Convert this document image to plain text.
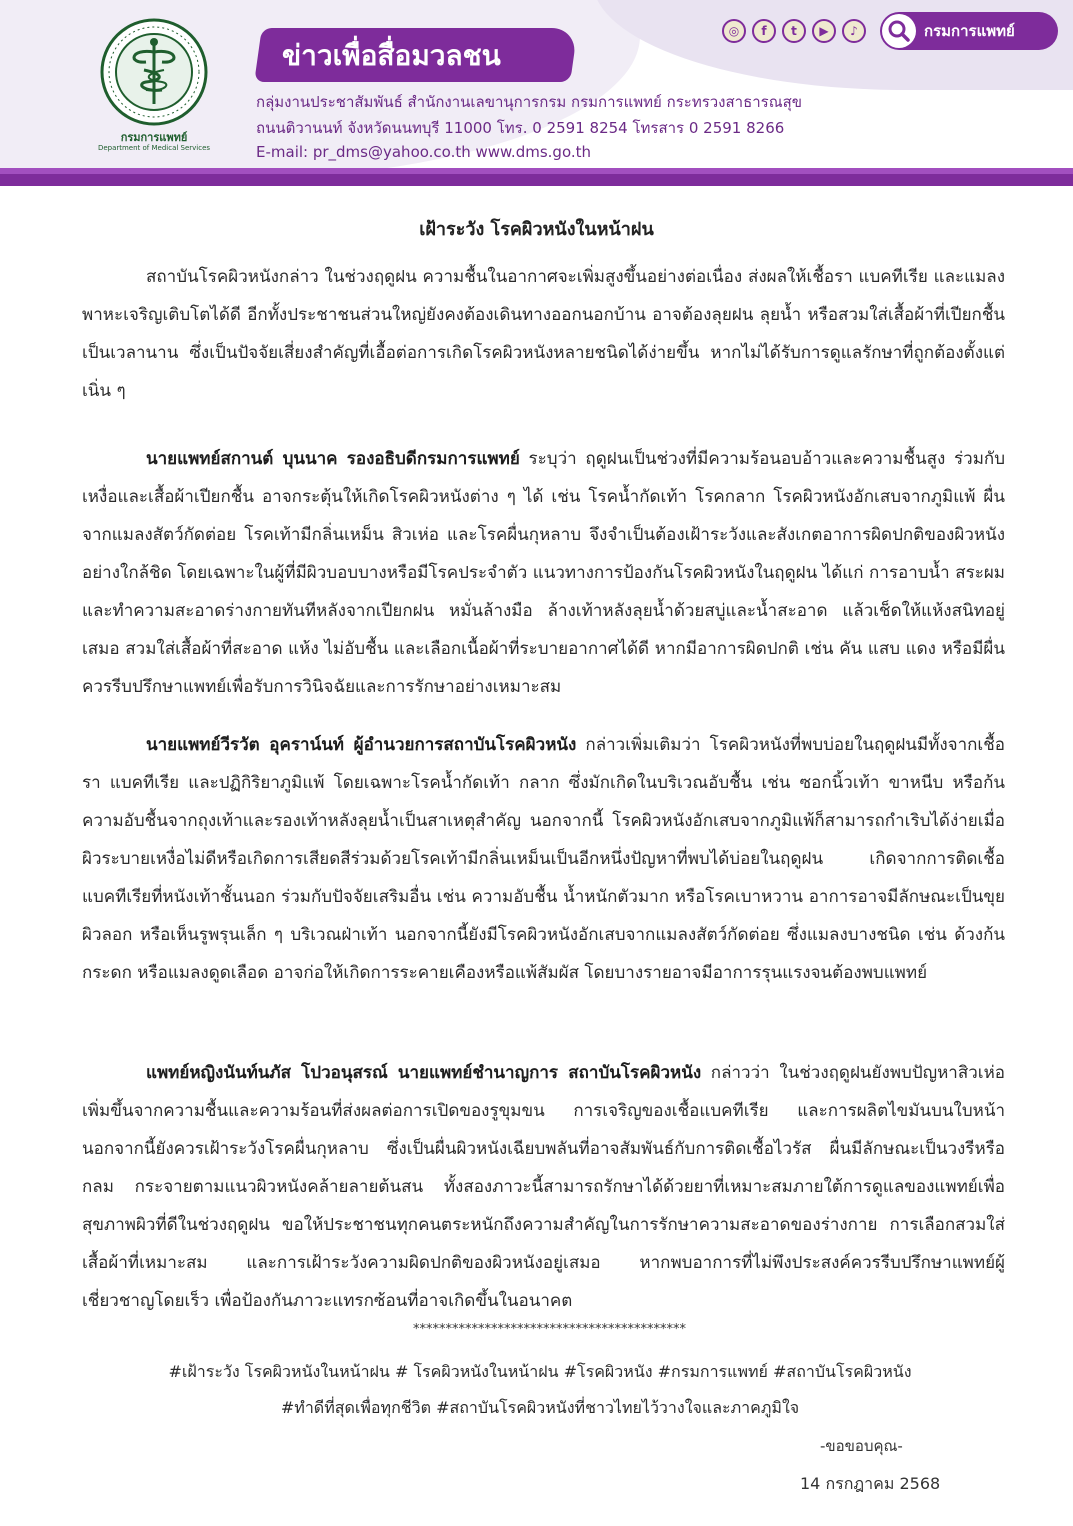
กรมการแพทย์
Department of Medical Services
ข่าวเพื่อสื่อมวลชน
กลุ่มงานประชาสัมพันธ์ สำนักงานเลขานุการกรม กรมการแพทย์ กระทรวงสาธารณสุข
ถนนติวานนท์ จังหวัดนนทบุรี 11000 โทร. 0 2591 8254 โทรสาร 0 2591 8266
E-mail: pr_dms@yahoo.co.th www.dms.go.th
◎	f	t	▶	♪	กรมการแพทย์
เฝ้าระวัง โรคผิวหนังในหน้าฝน
สถาบันโรคผิวหนังกล่าว ในช่วงฤดูฝน ความชื้นในอากาศจะเพิ่มสูงขึ้นอย่างต่อเนื่อง ส่งผลให้เชื้อรา แบคทีเรีย และแมลงพาหะเจริญเติบโตได้ดี อีกทั้งประชาชนส่วนใหญ่ยังคงต้องเดินทางออกนอกบ้าน อาจต้องลุยฝน ลุยน้ำ หรือสวมใส่เสื้อผ้าที่เปียกชื้นเป็นเวลานาน ซึ่งเป็นปัจจัยเสี่ยงสำคัญที่เอื้อต่อการเกิดโรคผิวหนังหลายชนิดได้ง่ายขึ้น หากไม่ได้รับการดูแลรักษาที่ถูกต้องตั้งแต่เนิ่น ๆ
นายแพทย์สกานต์ บุนนาค รองอธิบดีกรมการแพทย์ ระบุว่า ฤดูฝนเป็นช่วงที่มีความร้อนอบอ้าวและความชื้นสูง ร่วมกับเหงื่อและเสื้อผ้าเปียกชื้น อาจกระตุ้นให้เกิดโรคผิวหนังต่าง ๆ ได้ เช่น โรคน้ำกัดเท้า โรคกลาก โรคผิวหนังอักเสบจากภูมิแพ้ ผื่นจากแมลงสัตว์กัดต่อย โรคเท้ามีกลิ่นเหม็น สิวเห่อ และโรคผื่นกุหลาบ จึงจำเป็นต้องเฝ้าระวังและสังเกตอาการผิดปกติของผิวหนังอย่างใกล้ชิด โดยเฉพาะในผู้ที่มีผิวบอบบางหรือมีโรคประจำตัว แนวทางการป้องกันโรคผิวหนังในฤดูฝน ได้แก่ การอาบน้ำ สระผม และทำความสะอาดร่างกายทันทีหลังจากเปียกฝน หมั่นล้างมือ ล้างเท้าหลังลุยน้ำด้วยสบู่และน้ำสะอาด แล้วเช็ดให้แห้งสนิทอยู่เสมอ สวมใส่เสื้อผ้าที่สะอาด แห้ง ไม่อับชื้น และเลือกเนื้อผ้าที่ระบายอากาศได้ดี หากมีอาการผิดปกติ เช่น คัน แสบ แดง หรือมีผื่น ควรรีบปรึกษาแพทย์เพื่อรับการวินิจฉัยและการรักษาอย่างเหมาะสม
นายแพทย์วีรวัต อุคราน์นท์ ผู้อำนวยการสถาบันโรคผิวหนัง กล่าวเพิ่มเติมว่า โรคผิวหนังที่พบบ่อยในฤดูฝนมีทั้งจากเชื้อรา แบคทีเรีย และปฏิกิริยาภูมิแพ้ โดยเฉพาะโรคน้ำกัดเท้า กลาก ซึ่งมักเกิดในบริเวณอับชื้น เช่น ซอกนิ้วเท้า ขาหนีบ หรือก้น ความอับชื้นจากถุงเท้าและรองเท้าหลังลุยน้ำเป็นสาเหตุสำคัญ นอกจากนี้ โรคผิวหนังอักเสบจากภูมิแพ้ก็สามารถกำเริบได้ง่ายเมื่อผิวระบายเหงื่อไม่ดีหรือเกิดการเสียดสีร่วมด้วยโรคเท้ามีกลิ่นเหม็นเป็นอีกหนึ่งปัญหาที่พบได้บ่อยในฤดูฝน เกิดจากการติดเชื้อแบคทีเรียที่หนังเท้าชั้นนอก ร่วมกับปัจจัยเสริมอื่น เช่น ความอับชื้น น้ำหนักตัวมาก หรือโรคเบาหวาน อาการอาจมีลักษณะเป็นขุย ผิวลอก หรือเห็นรูพรุนเล็ก ๆ บริเวณฝ่าเท้า นอกจากนี้ยังมีโรคผิวหนังอักเสบจากแมลงสัตว์กัดต่อย ซึ่งแมลงบางชนิด เช่น ด้วงก้นกระดก หรือแมลงดูดเลือด อาจก่อให้เกิดการระคายเคืองหรือแพ้สัมผัส โดยบางรายอาจมีอาการรุนแรงจนต้องพบแพทย์
แพทย์หญิงนันท์นภัส โปวอนุสรณ์ นายแพทย์ชำนาญการ สถาบันโรคผิวหนัง กล่าวว่า ในช่วงฤดูฝนยังพบปัญหาสิวเห่อเพิ่มขึ้นจากความชื้นและความร้อนที่ส่งผลต่อการเปิดของรูขุมขน การเจริญของเชื้อแบคทีเรีย และการผลิตไขมันบนใบหน้า นอกจากนี้ยังควรเฝ้าระวังโรคผื่นกุหลาบ ซึ่งเป็นผื่นผิวหนังเฉียบพลันที่อาจสัมพันธ์กับการติดเชื้อไวรัส ผื่นมีลักษณะเป็นวงรีหรือกลม กระจายตามแนวผิวหนังคล้ายลายต้นสน ทั้งสองภาวะนี้สามารถรักษาได้ด้วยยาที่เหมาะสมภายใต้การดูแลของแพทย์เพื่อสุขภาพผิวที่ดีในช่วงฤดูฝน ขอให้ประชาชนทุกคนตระหนักถึงความสำคัญในการรักษาความสะอาดของร่างกาย การเลือกสวมใส่เสื้อผ้าที่เหมาะสม และการเฝ้าระวังความผิดปกติของผิวหนังอยู่เสมอ หากพบอาการที่ไม่พึงประสงค์ควรรีบปรึกษาแพทย์ผู้เชี่ยวชาญโดยเร็ว เพื่อป้องกันภาวะแทรกซ้อนที่อาจเกิดขึ้นในอนาคต
******************************************
#เฝ้าระวัง โรคผิวหนังในหน้าฝน # โรคผิวหนังในหน้าฝน #โรคผิวหนัง #กรมการแพทย์ #สถาบันโรคผิวหนัง
#ทำดีที่สุดเพื่อทุกชีวิต #สถาบันโรคผิวหนังที่ชาวไทยไว้วางใจและภาคภูมิใจ
-ขอขอบคุณ-
14 กรกฎาคม 2568
